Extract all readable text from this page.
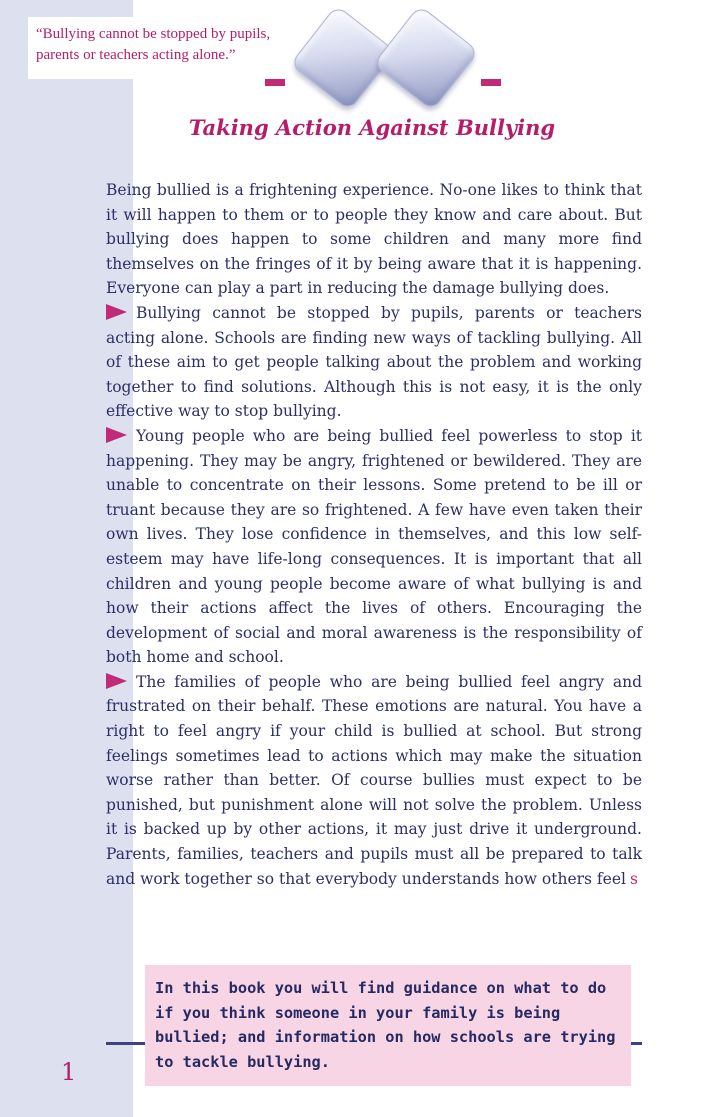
“Bullying cannot be stopped by pupils, parents or teachers acting alone.”
Taking Action Against Bullying

Being bullied is a frightening experience. No-one likes to think that it will happen to them or to people they know and care about. But bullying does happen to some children and many more find themselves on the fringes of it by being aware that it is happening. Everyone can play a part in reducing the damage bullying does.

Bullying cannot be stopped by pupils, parents or teachers acting alone. Schools are finding new ways of tackling bullying. All of these aim to get people talking about the problem and working together to find solutions. Although this is not easy, it is the only effective way to stop bullying.

Young people who are being bullied feel powerless to stop it happening. They may be angry, frightened or bewildered. They are unable to concentrate on their lessons. Some pretend to be ill or truant because they are so frightened. A few have even taken their own lives. They lose confidence in themselves, and this low self-esteem may have life-long consequences. It is important that all children and young people become aware of what bullying is and how their actions affect the lives of others. Encouraging the development of social and moral awareness is the responsibility of both home and school.

The families of people who are being bullied feel angry and frustrated on their behalf. These emotions are natural. You have a right to feel angry if your child is bullied at school. But strong feelings sometimes lead to actions which may make the situation worse rather than better. Of course bullies must expect to be punished, but punishment alone will not solve the problem. Unless it is backed up by other actions, it may just drive it underground. Parents, families, teachers and pupils must all be prepared to talk and work together so that everybody understands how others feel s

In this book you will find guidance on what to do if you think someone in your family is being bullied; and information on how schools are trying to tackle bullying.
1
